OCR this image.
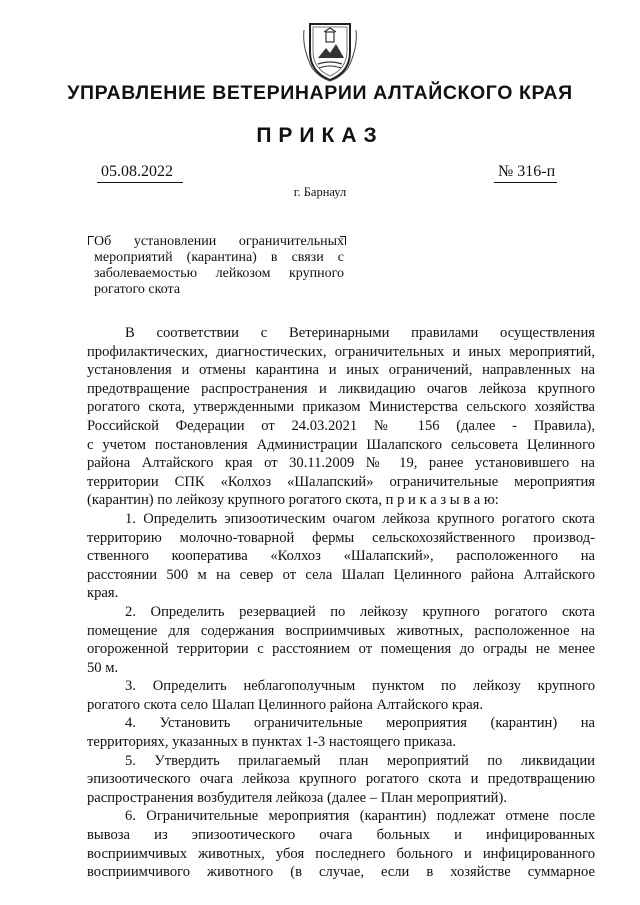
УПРАВЛЕНИЕ ВЕТЕРИНАРИИ АЛТАЙСКОГО КРАЯ
ПРИКАЗ
05.08.2022	№ 316-п
г. Барнаул

Об установлении ограничительных

мероприятий (карантина) в связи с

заболеваемостью лейкозом крупного

рогатого скота

В соответствии с Ветеринарными правилами осуществления
профилактических, диагностических, ограничительных и иных мероприятий,
установления и отмены карантина и иных ограничений, направленных на
предотвращение распространения и ликвидацию очагов лейкоза крупного
рогатого скота, утвержденными приказом Министерства сельского хозяйства
Российской Федерации от 24.03.2021 № 156 (далее - Правила),
с учетом постановления Администрации Шалапского сельсовета Целинного
района Алтайского края от 30.11.2009 № 19, ранее установившего на
территории СПК «Колхоз «Шалапский» ограничительные мероприятия
(карантин) по лейкозу крупного рогатого скота, п р и к а з ы в а ю:
1. Определить эпизоотическим очагом лейкоза крупного рогатого скота
территорию молочно-товарной фермы сельскохозяйственного производ-
ственного кооператива «Колхоз «Шалапский», расположенного на
расстоянии 500 м на север от села Шалап Целинного района Алтайского
края.
2. Определить резервацией по лейкозу крупного рогатого скота
помещение для содержания восприимчивых животных, расположенное на
огороженной территории с расстоянием от помещения до ограды не менее
50 м.
3. Определить неблагополучным пунктом по лейкозу крупного
рогатого скота село Шалап Целинного района Алтайского края.
4. Установить ограничительные мероприятия (карантин) на
территориях, указанных в пунктах 1-3 настоящего приказа.
5. Утвердить прилагаемый план мероприятий по ликвидации
эпизоотического очага лейкоза крупного рогатого скота и предотвращению
распространения возбудителя лейкоза (далее – План мероприятий).
6. Ограничительные мероприятия (карантин) подлежат отмене после
вывоза из эпизоотического очага больных и инфицированных
восприимчивых животных, убоя последнего больного и инфицированного
восприимчивого животного (в случае, если в хозяйстве суммарное
